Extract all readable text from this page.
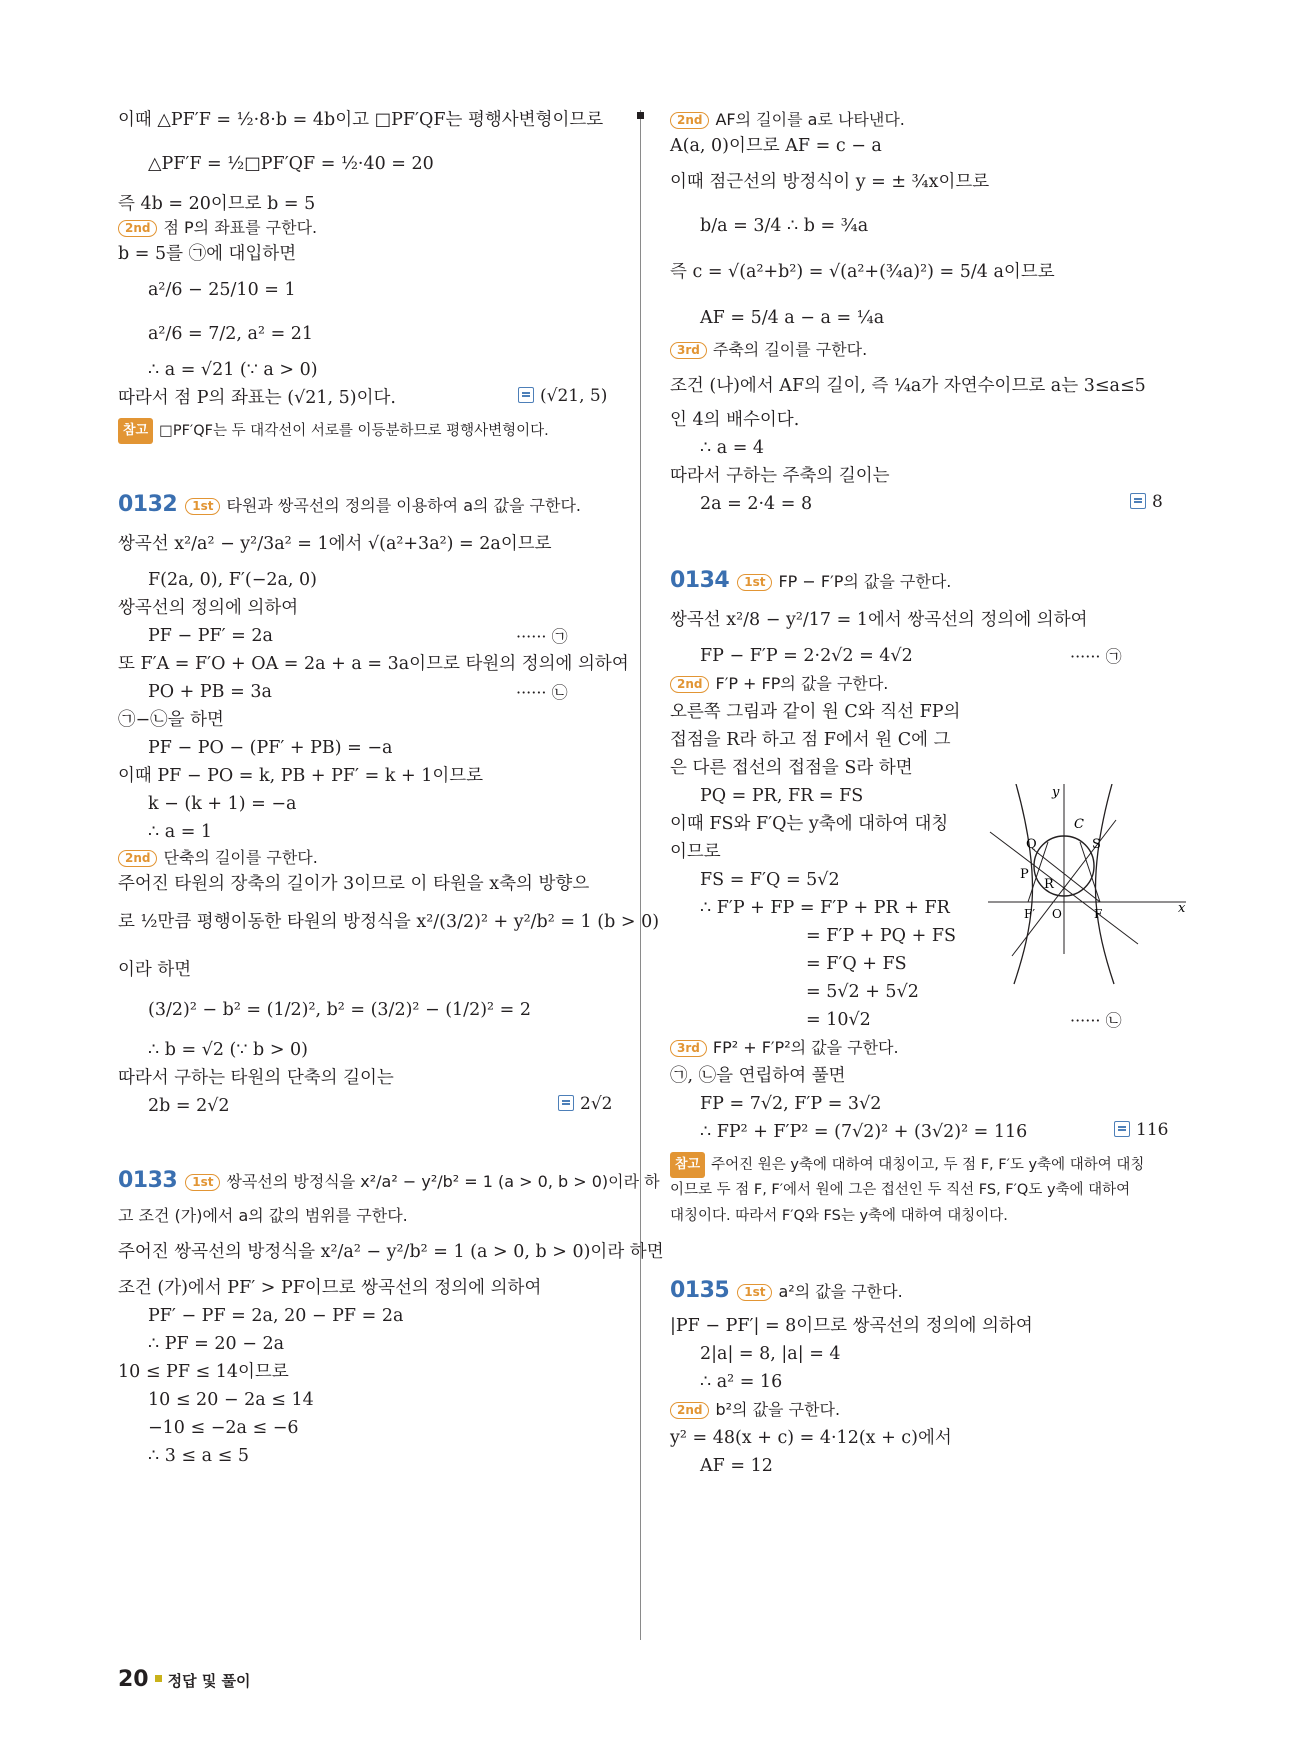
이때 △PF′F = ½·8·b = 4b이고 □PF′QF는 평행사변형이므로
△PF′F = ½□PF′QF = ½·40 = 20
즉 4b = 20이므로 b = 5
2nd 점 P의 좌표를 구한다.
b = 5를 ㉠에 대입하면
a²/6 − 25/10 = 1
a²/6 = 7/2, a² = 21
∴ a = √21 (∵ a > 0)
따라서 점 P의 좌표는 (√21, 5)이다.	(√21, 5)
참고 □PF′QF는 두 대각선이 서로를 이등분하므로 평행사변형이다.
0132 1st 타원과 쌍곡선의 정의를 이용하여 a의 값을 구한다.
쌍곡선 x²/a² − y²/3a² = 1에서 √(a²+3a²) = 2a이므로
F(2a, 0), F′(−2a, 0)
쌍곡선의 정의에 의하여
PF − PF′ = 2a	······ ㉠
또 F′A = F′O + OA = 2a + a = 3a이므로 타원의 정의에 의하여
PO + PB = 3a	······ ㉡
㉠−㉡을 하면
PF − PO − (PF′ + PB) = −a
이때 PF − PO = k, PB + PF′ = k + 1이므로
k − (k + 1) = −a
∴ a = 1
2nd 단축의 길이를 구한다.
주어진 타원의 장축의 길이가 3이므로 이 타원을 x축의 방향으
로 ½만큼 평행이동한 타원의 방정식을 x²/(3/2)² + y²/b² = 1 (b > 0)
이라 하면
(3/2)² − b² = (1/2)², b² = (3/2)² − (1/2)² = 2
∴ b = √2 (∵ b > 0)
따라서 구하는 타원의 단축의 길이는
2b = 2√2	2√2
0133 1st 쌍곡선의 방정식을 x²/a² − y²/b² = 1 (a > 0, b > 0)이라 하
고 조건 (가)에서 a의 값의 범위를 구한다.
주어진 쌍곡선의 방정식을 x²/a² − y²/b² = 1 (a > 0, b > 0)이라 하면
조건 (가)에서 PF′ > PF이므로 쌍곡선의 정의에 의하여
PF′ − PF = 2a, 20 − PF = 2a
∴ PF = 20 − 2a
10 ≤ PF ≤ 14이므로
10 ≤ 20 − 2a ≤ 14
−10 ≤ −2a ≤ −6
∴ 3 ≤ a ≤ 5
2nd AF의 길이를 a로 나타낸다.
A(a, 0)이므로 AF = c − a
이때 점근선의 방정식이 y = ± ¾x이므로
b/a = 3/4 ∴ b = ¾a
즉 c = √(a²+b²) = √(a²+(¾a)²) = 5/4 a이므로
AF = 5/4 a − a = ¼a
3rd 주축의 길이를 구한다.
조건 (나)에서 AF의 길이, 즉 ¼a가 자연수이므로 a는 3≤a≤5
인 4의 배수이다.
∴ a = 4
따라서 구하는 주축의 길이는
2a = 2·4 = 8	8
0134 1st FP − F′P의 값을 구한다.
쌍곡선 x²/8 − y²/17 = 1에서 쌍곡선의 정의에 의하여
FP − F′P = 2·2√2 = 4√2	······ ㉠
2nd F′P + FP의 값을 구한다.
오른쪽 그림과 같이 원 C와 직선 FP의
접점을 R라 하고 점 F에서 원 C에 그
은 다른 접선의 접점을 S라 하면
PQ = PR, FR = FS
이때 FS와 F′Q는 y축에 대하여 대칭
이므로
FS = F′Q = 5√2
∴ F′P + FP = F′P + PR + FR
= F′P + PQ + FS
= F′Q + FS
= 5√2 + 5√2
= 10√2	······ ㉡
3rd FP² + F′P²의 값을 구한다.
㉠, ㉡을 연립하여 풀면
FP = 7√2, F′P = 3√2
∴ FP² + F′P² = (7√2)² + (3√2)² = 116	116
참고 주어진 원은 y축에 대하여 대칭이고, 두 점 F, F′도 y축에 대하여 대칭
이므로 두 점 F, F′에서 원에 그은 접선인 두 직선 FS, F′Q도 y축에 대하여
대칭이다. 따라서 F′Q와 FS는 y축에 대하여 대칭이다.
y
x
C
Q	S
P
R
F′ O	F
0135 1st a²의 값을 구한다.
|PF − PF′| = 8이므로 쌍곡선의 정의에 의하여
2|a| = 8, |a| = 4
∴ a² = 16
2nd b²의 값을 구한다.
y² = 48(x + c) = 4·12(x + c)에서
AF = 12
20 정답 및 풀이
